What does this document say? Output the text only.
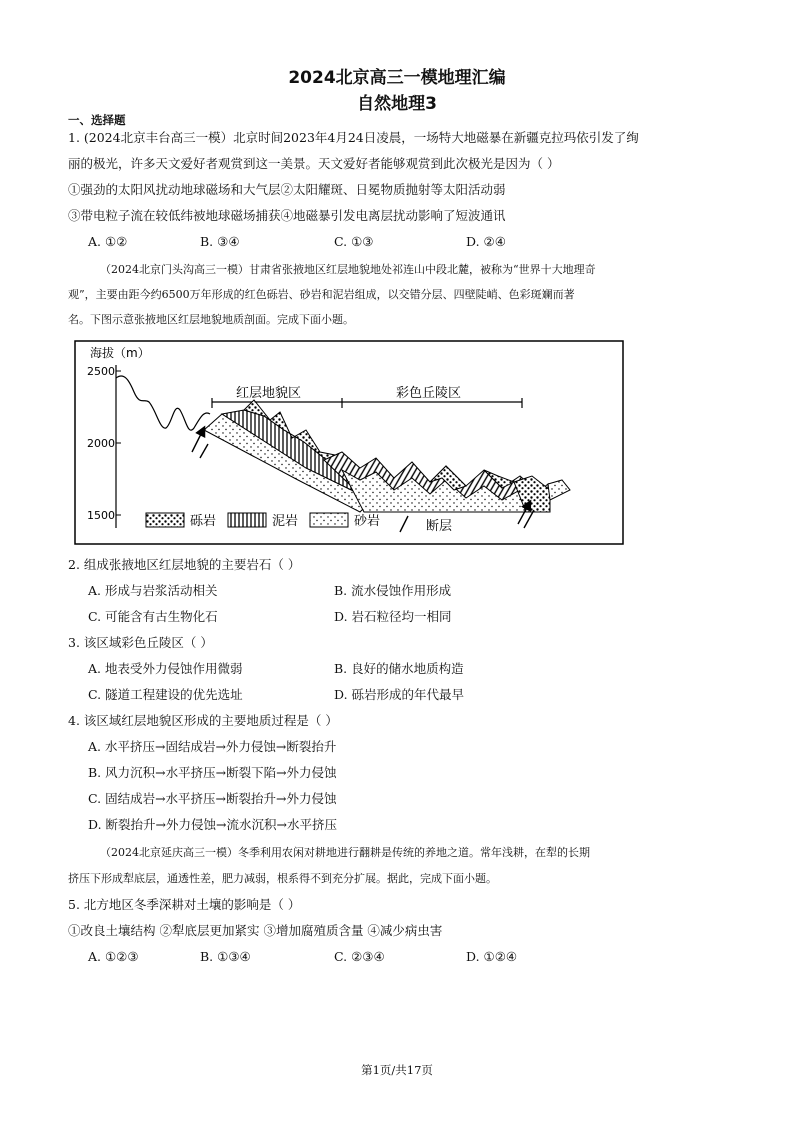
2024北京高三一模地理汇编
自然地理3
一、选择题
1. (2024北京丰台高三一模）北京时间2023年4月24日凌晨，一场特大地磁暴在新疆克拉玛依引发了绚
丽的极光，许多天文爱好者观赏到这一美景。天文爱好者能够观赏到此次极光是因为（ ）
①强劲的太阳风扰动地球磁场和大气层②太阳耀斑、日冕物质抛射等太阳活动弱
③带电粒子流在较低纬被地球磁场捕获④地磁暴引发电离层扰动影响了短波通讯
A. ①②	B. ③④	C. ①③	D. ②④
（2024北京门头沟高三一模）甘肃省张掖地区红层地貌地处祁连山中段北麓，被称为“世界十大地理奇
观”，主要由距今约6500万年形成的红色砾岩、砂岩和泥岩组成，以交错分层、四壁陡峭、色彩斑斓而著
名。下图示意张掖地区红层地貌地质剖面。完成下面小题。
海拔（m）
2500
2000
1500
红层地貌区	彩色丘陵区
砾岩	泥岩	砂岩	断层
2. 组成张掖地区红层地貌的主要岩石（ ）
A. 形成与岩浆活动相关	B. 流水侵蚀作用形成
C. 可能含有古生物化石	D. 岩石粒径均一相同
3. 该区域彩色丘陵区（ ）
A. 地表受外力侵蚀作用微弱	B. 良好的储水地质构造
C. 隧道工程建设的优先选址	D. 砾岩形成的年代最早
4. 该区域红层地貌区形成的主要地质过程是（ ）
A. 水平挤压→固结成岩→外力侵蚀→断裂抬升
B. 风力沉积→水平挤压→断裂下陷→外力侵蚀
C. 固结成岩→水平挤压→断裂抬升→外力侵蚀
D. 断裂抬升→外力侵蚀→流水沉积→水平挤压
（2024北京延庆高三一模）冬季利用农闲对耕地进行翻耕是传统的养地之道。常年浅耕，在犁的长期
挤压下形成犁底层，通透性差，肥力减弱，根系得不到充分扩展。据此，完成下面小题。
5. 北方地区冬季深耕对土壤的影响是（ ）
①改良土壤结构 ②犁底层更加紧实 ③增加腐殖质含量 ④减少病虫害
A. ①②③	B. ①③④	C. ②③④	D. ①②④
第1页/共17页
